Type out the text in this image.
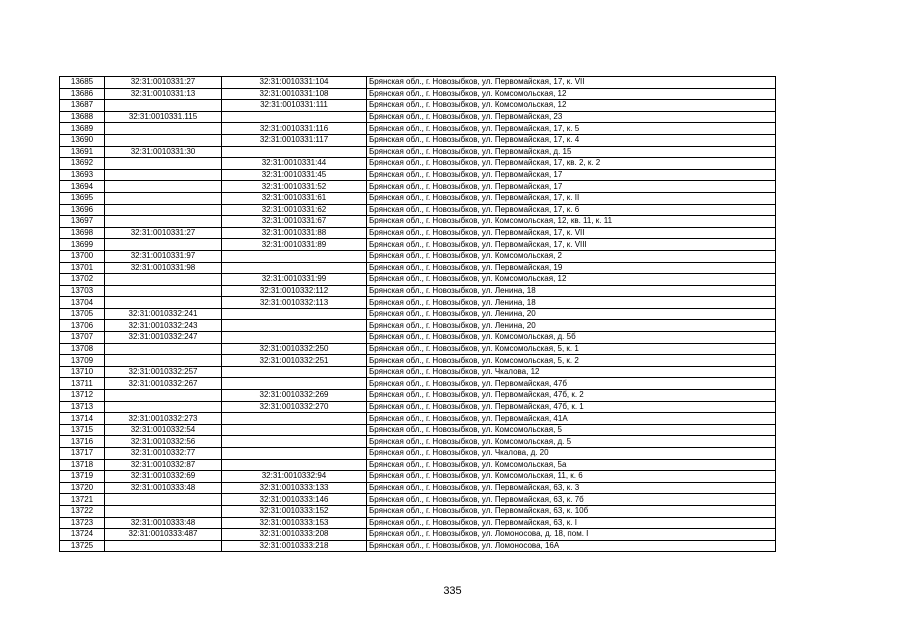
13685	32:31:0010331:27	32:31:0010331:104	Брянская обл., г. Новозыбков, ул. Первомайская, 17, к. VII
13686	32:31:0010331:13	32:31:0010331:108	Брянская обл., г. Новозыбков, ул. Комсомольская, 12
13687		32:31:0010331:111	Брянская обл., г. Новозыбков, ул. Комсомольская, 12
13688	32:31:0010331.115		Брянская обл., г. Новозыбков, ул. Первомайская, 23
13689		32:31:0010331:116	Брянская обл., г. Новозыбков, ул. Первомайская, 17, к. 5
13690		32:31:0010331:117	Брянская обл., г. Новозыбков, ул. Первомайская, 17, к. 4
13691	32:31:0010331:30		Брянская обл., г. Новозыбков, ул. Первомайская, д. 15
13692		32:31:0010331:44	Брянская обл., г. Новозыбков, ул. Первомайская, 17, кв. 2, к. 2
13693		32:31:0010331:45	Брянская обл., г. Новозыбков, ул. Первомайская, 17
13694		32:31:0010331:52	Брянская обл., г. Новозыбков, ул. Первомайская, 17
13695		32:31:0010331:61	Брянская обл., г. Новозыбков, ул. Первомайская, 17, к. II
13696		32:31:0010331:62	Брянская обл., г. Новозыбков, ул. Первомайская, 17, к. 6
13697		32:31:0010331:67	Брянская обл., г. Новозыбков, ул. Комсомольская, 12, кв. 11, к. 11
13698	32:31:0010331:27	32:31:0010331:88	Брянская обл., г. Новозыбков, ул. Первомайская, 17, к. VII
13699		32:31:0010331:89	Брянская обл., г. Новозыбков, ул. Первомайская, 17, к. VIII
13700	32:31:0010331:97		Брянская обл., г. Новозыбков, ул. Комсомольская, 2
13701	32:31:0010331:98		Брянская обл., г. Новозыбков, ул. Первомайская, 19
13702		32:31:0010331:99	Брянская обл., г. Новозыбков, ул. Комсомольская, 12
13703		32:31:0010332:112	Брянская обл., г. Новозыбков, ул. Ленина, 18
13704		32:31:0010332:113	Брянская обл., г. Новозыбков, ул. Ленина, 18
13705	32:31:0010332:241		Брянская обл., г. Новозыбков, ул. Ленина, 20
13706	32:31:0010332:243		Брянская обл., г. Новозыбков, ул. Ленина, 20
13707	32:31:0010332:247		Брянская обл., г. Новозыбков, ул. Комсомольская, д. 5б
13708		32:31:0010332:250	Брянская обл., г. Новозыбков, ул. Комсомольская, 5, к. 1
13709		32:31:0010332:251	Брянская обл., г. Новозыбков, ул. Комсомольская, 5, к. 2
13710	32:31:0010332:257		Брянская обл., г. Новозыбков, ул. Чкалова, 12
13711	32:31:0010332:267		Брянская обл., г. Новозыбков, ул. Первомайская, 47б
13712		32:31:0010332:269	Брянская обл., г. Новозыбков, ул. Первомайская, 47б, к. 2
13713		32:31:0010332:270	Брянская обл., г. Новозыбков, ул. Первомайская, 47б, к. 1
13714	32:31:0010332:273		Брянская обл., г. Новозыбков, ул. Первомайская, 41А
13715	32:31:0010332:54		Брянская обл., г. Новозыбков, ул. Комсомольская, 5
13716	32:31:0010332:56		Брянская обл., г. Новозыбков, ул. Комсомольская, д. 5
13717	32:31:0010332:77		Брянская обл., г. Новозыбков, ул. Чкалова, д. 20
13718	32:31:0010332:87		Брянская обл., г. Новозыбков, ул. Комсомольская, 5а
13719	32:31:0010332:69	32:31:0010332:94	Брянская обл., г. Новозыбков, ул. Комсомольская, 11, к. 6
13720	32:31:0010333:48	32:31:0010333:133	Брянская обл., г. Новозыбков, ул. Первомайская, 63, к. 3
13721		32:31:0010333:146	Брянская обл., г. Новозыбков, ул. Первомайская, 63, к. 7б
13722		32:31:0010333:152	Брянская обл., г. Новозыбков, ул. Первомайская, 63, к. 10б
13723	32:31:0010333:48	32:31:0010333:153	Брянская обл., г. Новозыбков, ул. Первомайская, 63, к. I
13724	32:31:0010333:487	32:31:0010333:208	Брянская обл., г. Новозыбков, ул. Ломоносова, д. 18, пом. I
13725		32:31:0010333:218	Брянская обл., г. Новозыбков, ул. Ломоносова, 16А
335
